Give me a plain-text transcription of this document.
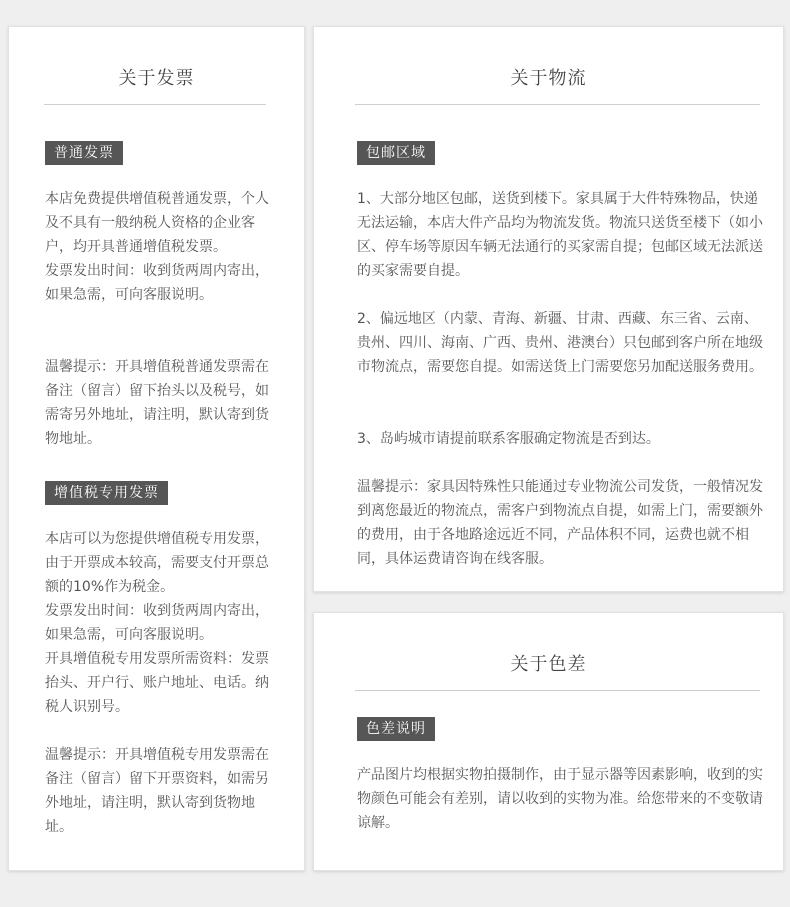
关于发票
普通发票

本店免费提供增值税普通发票，个人及不具有一般纳税人资格的企业客户，均开具普通增值税发票。
发票发出时间：收到货两周内寄出，如果急需，可向客服说明。

温馨提示：开具增值税普通发票需在备注（留言）留下抬头以及税号，如需寄另外地址，请注明，默认寄到货物地址。

增值税专用发票

本店可以为您提供增值税专用发票，由于开票成本较高，需要支付开票总额的10%作为税金。
发票发出时间：收到货两周内寄出，如果急需，可向客服说明。
开具增值税专用发票所需资料：发票抬头、开户行、账户地址、电话。纳税人识别号。

温馨提示：开具增值税专用发票需在备注（留言）留下开票资料，如需另外地址，请注明，默认寄到货物地址。

关于物流
包邮区域

1、大部分地区包邮，送货到楼下。家具属于大件特殊物品，快递无法运输，本店大件产品均为物流发货。物流只送货至楼下（如小区、停车场等原因车辆无法通行的买家需自提；包邮区域无法派送的买家需要自提。

2、偏远地区（内蒙、青海、新疆、甘肃、西藏、东三省、云南、贵州、四川、海南、广西、贵州、港澳台）只包邮到客户所在地级市物流点，需要您自提。如需送货上门需要您另加配送服务费用。

3、岛屿城市请提前联系客服确定物流是否到达。

温馨提示：家具因特殊性只能通过专业物流公司发货，一般情况发到离您最近的物流点，需客户到物流点自提，如需上门，需要额外的费用，由于各地路途远近不同，产品体积不同，运费也就不相同，具体运费请咨询在线客服。

关于色差
色差说明

产品图片均根据实物拍摄制作，由于显示器等因素影响，收到的实物颜色可能会有差别，请以收到的实物为准。给您带来的不变敬请谅解。
